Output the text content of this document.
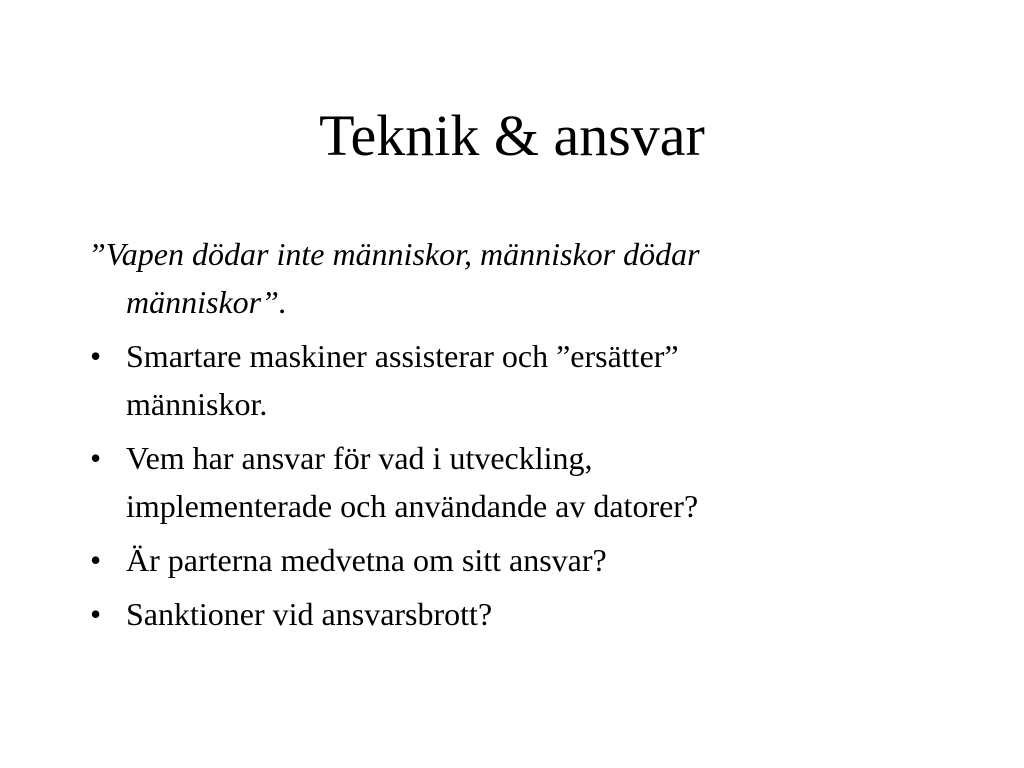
Teknik & ansvar

”Vapen dödar inte människor, människor dödar
människor”.

• Smartare maskiner assisterar och ”ersätter”
människor.
• Vem har ansvar för vad i utveckling,
implementerade och användande av datorer?
• Är parterna medvetna om sitt ansvar?
• Sanktioner vid ansvarsbrott?
